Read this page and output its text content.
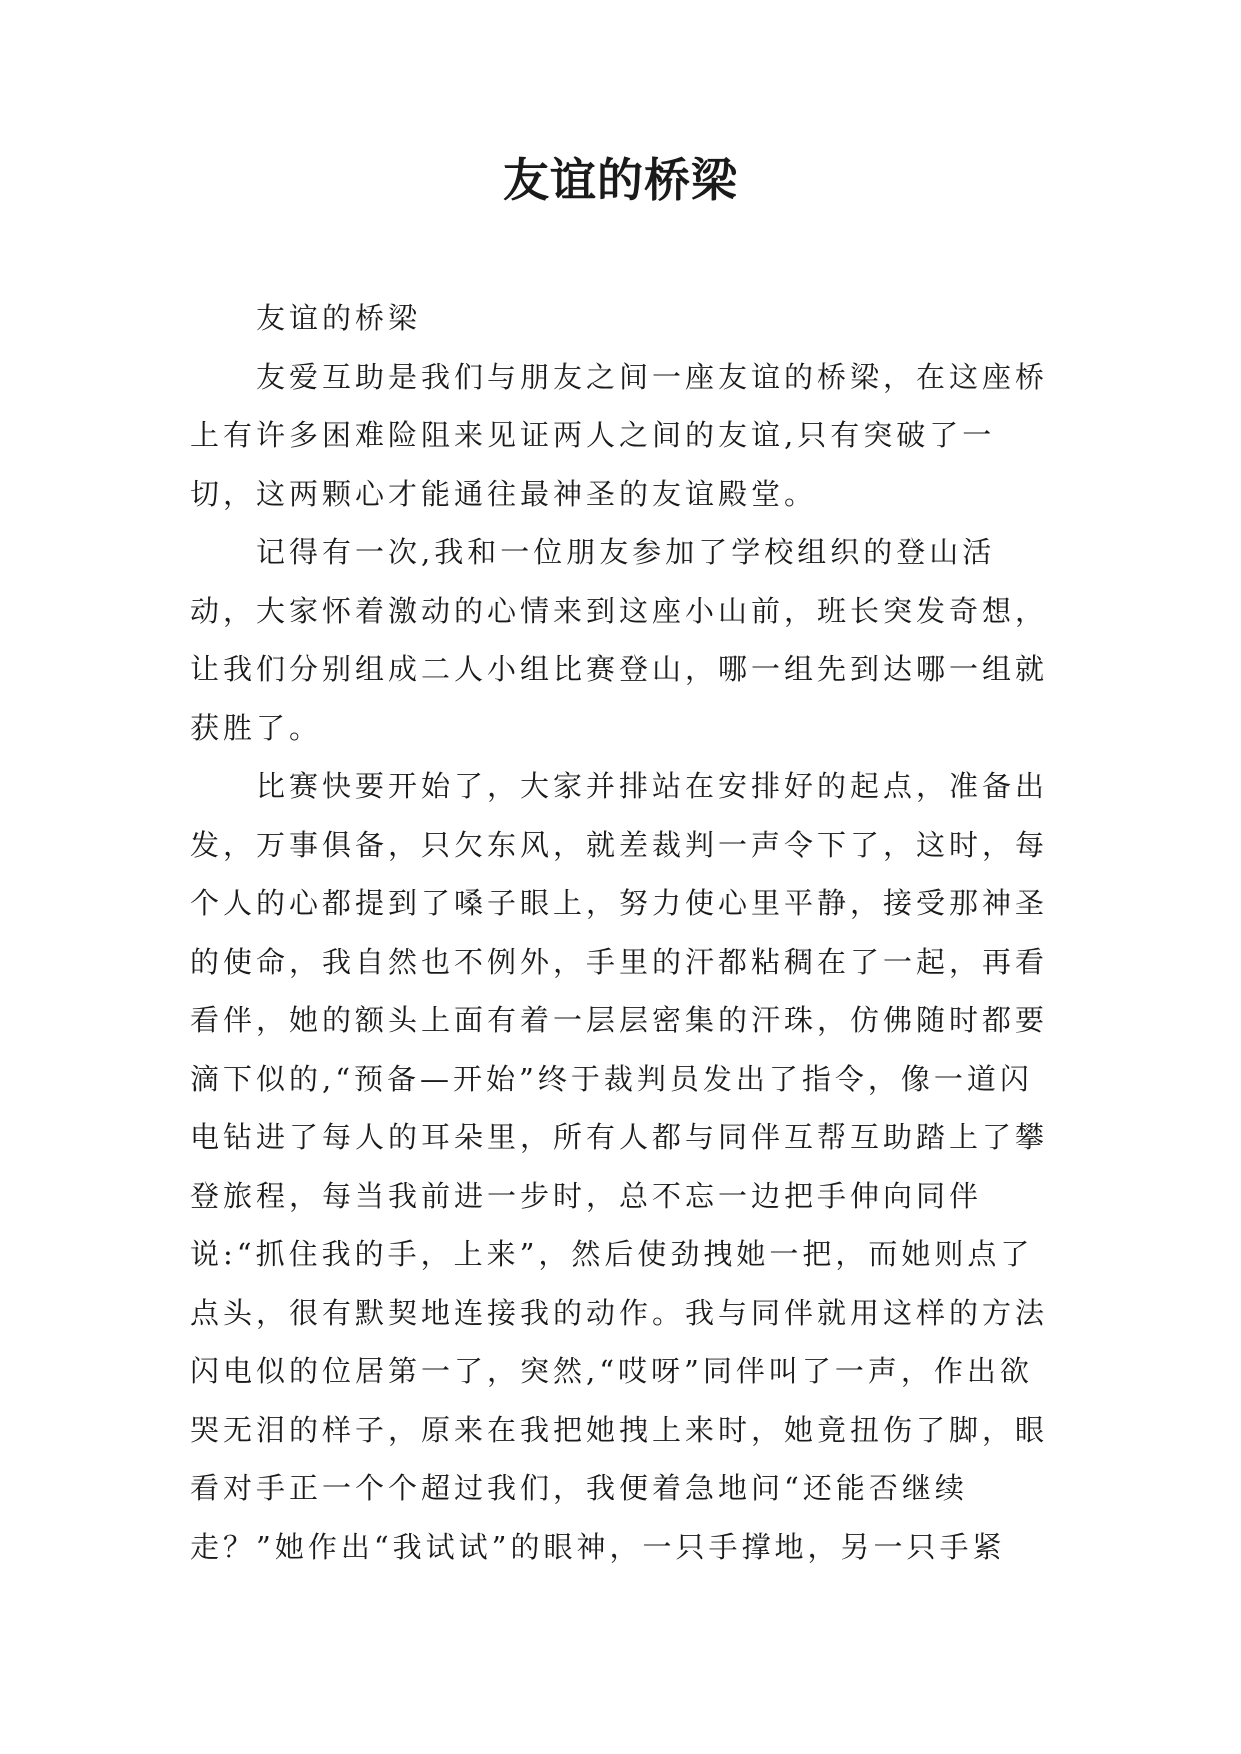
友谊的桥梁

友谊的桥梁

友爱互助是我们与朋友之间一座友谊的桥梁，在这座桥上有许多困难险阻来见证两人之间的友谊,只有突破了一切，这两颗心才能通往最神圣的友谊殿堂。

记得有一次,我和一位朋友参加了学校组织的登山活动，大家怀着激动的心情来到这座小山前，班长突发奇想，让我们分别组成二人小组比赛登山，哪一组先到达哪一组就获胜了。

比赛快要开始了，大家并排站在安排好的起点，准备出发，万事俱备，只欠东风，就差裁判一声令下了，这时，每个人的心都提到了嗓子眼上，努力使心里平静，接受那神圣的使命，我自然也不例外，手里的汗都粘稠在了一起，再看看伴，她的额头上面有着一层层密集的汗珠，仿佛随时都要滴下似的,“预备—开始”终于裁判员发出了指令，像一道闪电钻进了每人的耳朵里，所有人都与同伴互帮互助踏上了攀登旅程，每当我前进一步时，总不忘一边把手伸向同伴说:“抓住我的手，上来”，然后使劲拽她一把，而她则点了点头，很有默契地连接我的动作。我与同伴就用这样的方法闪电似的位居第一了，突然,“哎呀”同伴叫了一声，作出欲哭无泪的样子，原来在我把她拽上来时，她竟扭伤了脚，眼看对手正一个个超过我们，我便着急地问“还能否继续走？”她作出“我试试”的眼神，一只手撑地，另一只手紧
